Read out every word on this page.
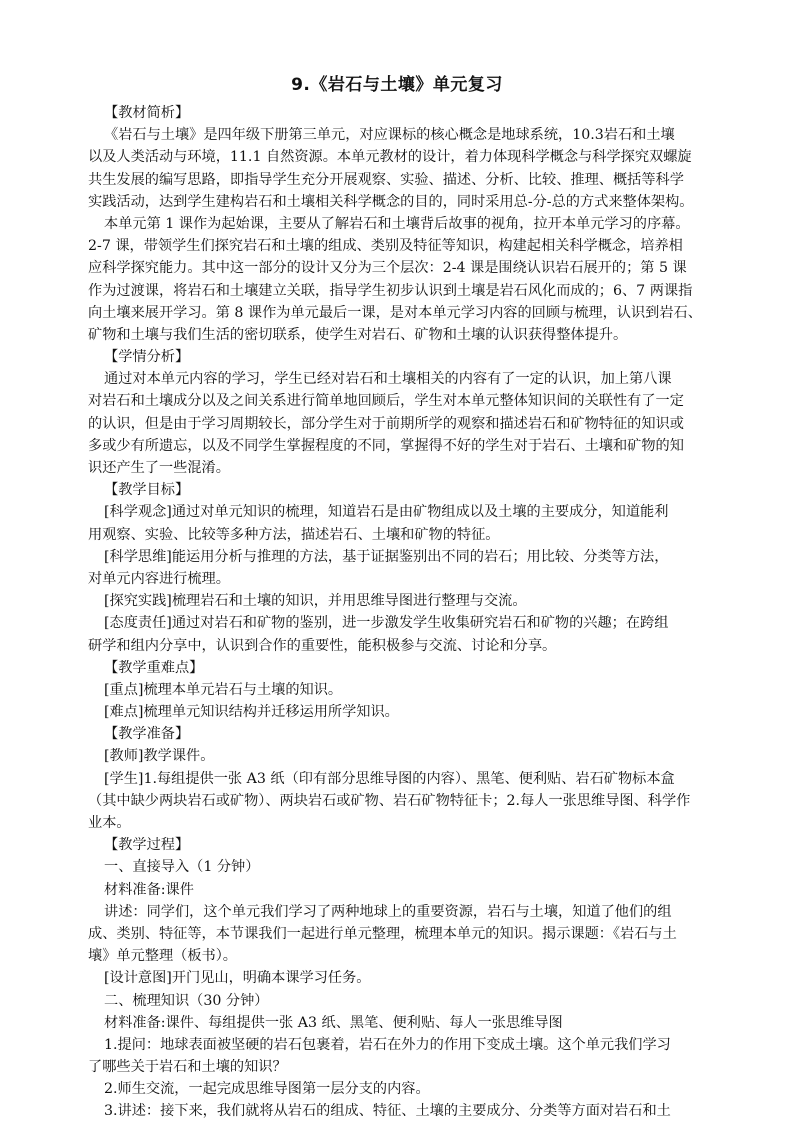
9.《岩石与土壤》单元复习
【教材简析】
《岩石与土壤》是四年级下册第三单元，对应课标的核心概念是地球系统，10.3岩石和土壤
以及人类活动与环境，11.1 自然资源。本单元教材的设计，着力体现科学概念与科学探究双螺旋
共生发展的编写思路，即指导学生充分开展观察、实验、描述、分析、比较、推理、概括等科学
实践活动，达到学生建构岩石和土壤相关科学概念的目的，同时采用总-分-总的方式来整体架构。
本单元第 1 课作为起始课，主要从了解岩石和土壤背后故事的视角，拉开本单元学习的序幕。
2-7 课，带领学生们探究岩石和土壤的组成、类别及特征等知识，构建起相关科学概念，培养相
应科学探究能力。其中这一部分的设计又分为三个层次：2-4 课是围绕认识岩石展开的；第 5 课
作为过渡课，将岩石和土壤建立关联，指导学生初步认识到土壤是岩石风化而成的；6、7 两课指
向土壤来展开学习。第 8 课作为单元最后一课，是对本单元学习内容的回顾与梳理，认识到岩石、
矿物和土壤与我们生活的密切联系，使学生对岩石、矿物和土壤的认识获得整体提升。
【学情分析】
通过对本单元内容的学习，学生已经对岩石和土壤相关的内容有了一定的认识，加上第八课
对岩石和土壤成分以及之间关系进行简单地回顾后，学生对本单元整体知识间的关联性有了一定
的认识，但是由于学习周期较长，部分学生对于前期所学的观察和描述岩石和矿物特征的知识或
多或少有所遗忘，以及不同学生掌握程度的不同，掌握得不好的学生对于岩石、土壤和矿物的知
识还产生了一些混淆。
【教学目标】
[科学观念]通过对单元知识的梳理，知道岩石是由矿物组成以及土壤的主要成分，知道能利
用观察、实验、比较等多种方法，描述岩石、土壤和矿物的特征。
[科学思维]能运用分析与推理的方法，基于证据鉴别出不同的岩石；用比较、分类等方法，
对单元内容进行梳理。
[探究实践]梳理岩石和土壤的知识，并用思维导图进行整理与交流。
[态度责任]通过对岩石和矿物的鉴别，进一步激发学生收集研究岩石和矿物的兴趣；在跨组
研学和组内分享中，认识到合作的重要性，能积极参与交流、讨论和分享。
【教学重难点】
[重点]梳理本单元岩石与土壤的知识。
[难点]梳理单元知识结构并迁移运用所学知识。
【教学准备】
[教师]教学课件。
[学生]1.每组提供一张 A3 纸（印有部分思维导图的内容）、黑笔、便利贴、岩石矿物标本盒
（其中缺少两块岩石或矿物）、两块岩石或矿物、岩石矿物特征卡；2.每人一张思维导图、科学作
业本。
【教学过程】
一、直接导入（1 分钟）
材料准备:课件
讲述：同学们，这个单元我们学习了两种地球上的重要资源，岩石与土壤，知道了他们的组
成、类别、特征等，本节课我们一起进行单元整理，梳理本单元的知识。揭示课题：《岩石与土
壤》单元整理（板书）。
[设计意图]开门见山，明确本课学习任务。
二、梳理知识（30 分钟）
材料准备:课件、每组提供一张 A3 纸、黑笔、便利贴、每人一张思维导图
1.提问：地球表面被坚硬的岩石包裹着，岩石在外力的作用下变成土壤。这个单元我们学习
了哪些关于岩石和土壤的知识？
2.师生交流，一起完成思维导图第一层分支的内容。
3.讲述：接下来，我们就将从岩石的组成、特征、土壤的主要成分、分类等方面对岩石和土
